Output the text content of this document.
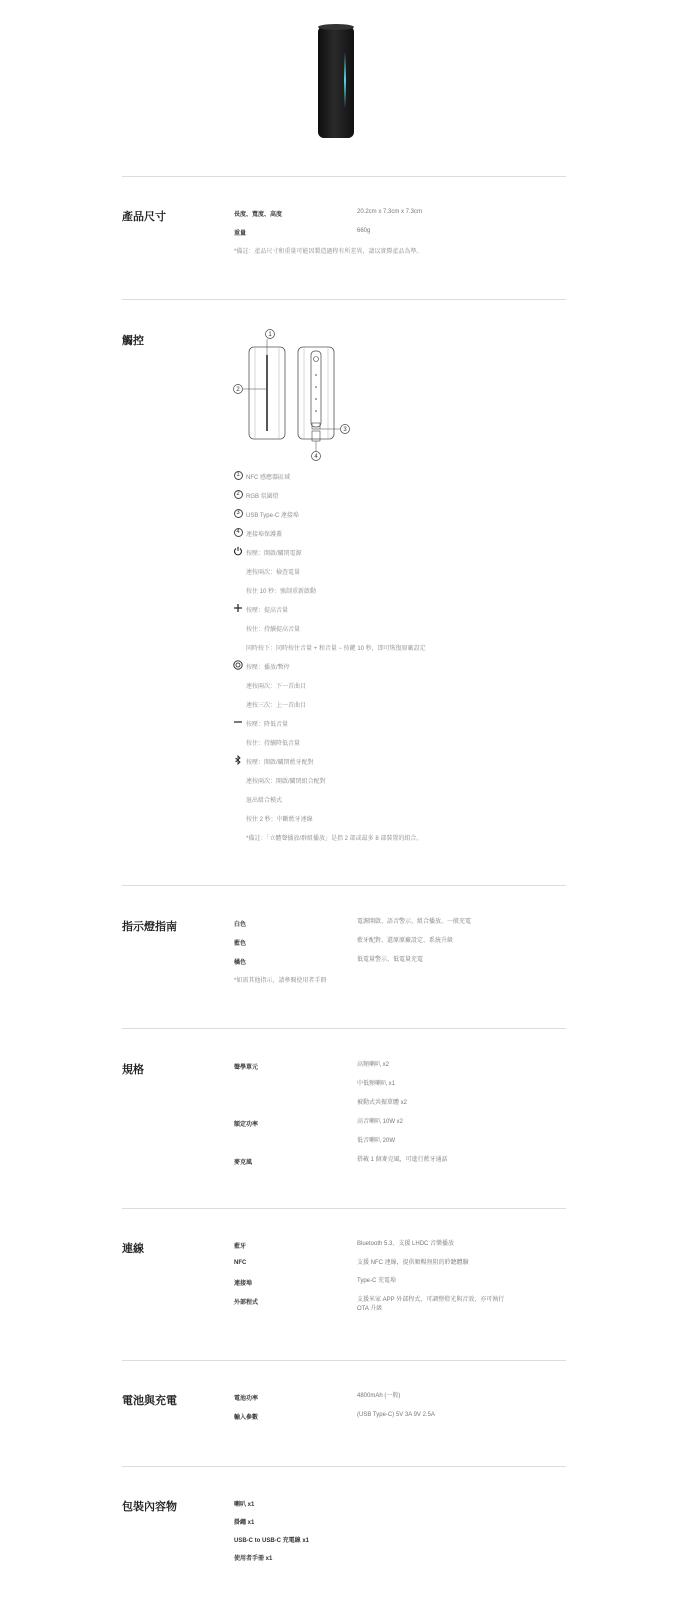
產品尺寸	長度、寬度、高度	20.2cm x 7.3cm x 7.3cm
重量	660g
*備註：產品尺寸和重量可能因製造過程有所差異，請以實際產品為準。
觸控	1
2
3
4
1
NFC 感應器區域
2
RGB 氛圍燈
3
USB Type-C 連接埠
4
連接埠保護蓋
按壓：開啟/關閉電源
連按兩次：檢查電量
按住 10 秒：強制重新啟動
按壓：提高音量
按住：持續提高音量
同時按下：同時按住音量 + 和音量 − 按鍵 10 秒，即可恢復原廠設定
按壓：播放/暫停
連按兩次：下一首曲目
連按三次：上一首曲目
按壓：降低音量
按住：持續降低音量
按壓：開啟/關閉藍牙配對
連按兩次：開啟/關閉組合配對
退出組合模式
按住 2 秒：中斷藍牙連線
*備註：「立體聲播放/群組播放」是指 2 部或最多 8 部裝置的組合。
指示燈指南	白色	電源開啟、語音警示、組合播放、一般充電
藍色	藍牙配對、還原原廠設定、系統升級
橘色	低電量警示、低電量充電
*如需其他指示，請參閱使用者手冊
規格	聲學單元	高頻喇叭 x2
中低頻喇叭 x1
被動式共振單體 x2
額定功率	高音喇叭 10W x2
低音喇叭 20W
麥克風	搭載 1 個麥克風，可進行藍牙通話
連線	藍牙	Bluetooth 5.3、支援 LHDC 音樂播放
NFC	支援 NFC 連線，提供順暢無阻的聆聽體驗
連接埠	Type-C 充電埠
外部程式	支援米家 APP 外部程式，可調整燈光與音效，亦可執行 OTA 升級
電池與充電	電池功率	4800mAh (一般)
輸入參數	(USB Type-C) 5V 3A 9V 2.5A
包裝內容物	喇叭 x1
掛繩 x1
USB-C to USB-C 充電線 x1
使用者手冊 x1
